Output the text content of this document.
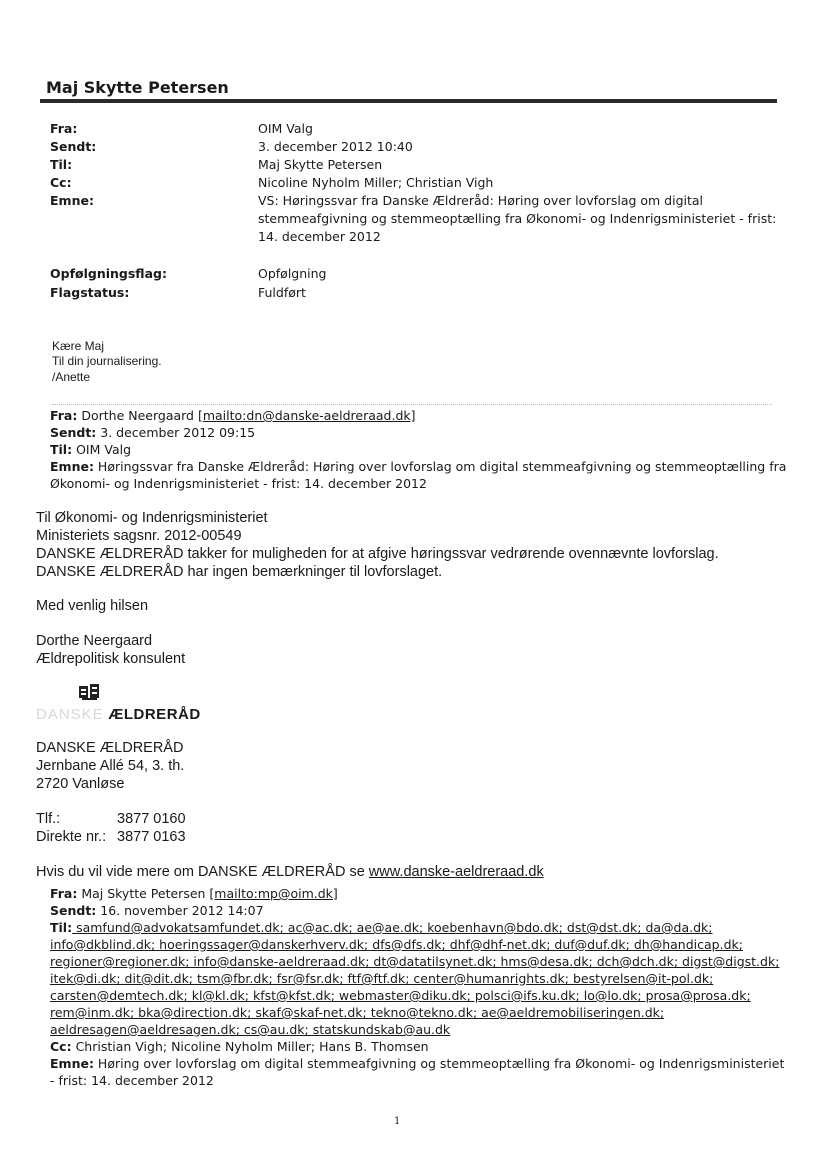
Maj Skytte Petersen
Fra:	OIM Valg
Sendt:	3. december 2012 10:40
Til:	Maj Skytte Petersen
Cc:	Nicoline Nyholm Miller; Christian Vigh
Emne:	VS: Høringssvar fra Danske Ældreråd: Høring over lovforslag om digital
stemmeafgivning og stemmeoptælling fra Økonomi- og Indenrigsministeriet - frist:
14. december 2012
Opfølgningsflag:	Opfølgning
Flagstatus:	Fuldført
Kære Maj
Til din journalisering.
/Anette
Fra: Dorthe Neergaard [mailto:dn@danske-aeldreraad.dk]
Sendt: 3. december 2012 09:15
Til: OIM Valg
Emne: Høringssvar fra Danske Ældreråd: Høring over lovforslag om digital stemmeafgivning og stemmeoptælling fra
Økonomi- og Indenrigsministeriet - frist: 14. december 2012
Til Økonomi- og Indenrigsministeriet
Ministeriets sagsnr. 2012-00549
DANSKE ÆLDRERÅD takker for muligheden for at afgive høringssvar vedrørende ovennævnte lovforslag.
DANSKE ÆLDRERÅD har ingen bemærkninger til lovforslaget.
Med venlig hilsen
Dorthe Neergaard
Ældrepolitisk konsulent
DANSKE ÆLDRERÅD
DANSKE ÆLDRERÅD
Jernbane Allé 54, 3. th.
2720 Vanløse
Tlf.:	3877 0160
Direkte nr.: 3877 0163
Hvis du vil vide mere om DANSKE ÆLDRERÅD se www.danske-aeldreraad.dk
Fra: Maj Skytte Petersen [mailto:mp@oim.dk]
Sendt: 16. november 2012 14:07
Til: samfund@advokatsamfundet.dk; ac@ac.dk; ae@ae.dk; koebenhavn@bdo.dk; dst@dst.dk; da@da.dk;
info@dkblind.dk; hoeringssager@danskerhverv.dk; dfs@dfs.dk; dhf@dhf-net.dk; duf@duf.dk; dh@handicap.dk;
regioner@regioner.dk; info@danske-aeldreraad.dk; dt@datatilsynet.dk; hms@desa.dk; dch@dch.dk; digst@digst.dk;
itek@di.dk; dit@dit.dk; tsm@fbr.dk; fsr@fsr.dk; ftf@ftf.dk; center@humanrights.dk; bestyrelsen@it-pol.dk;
carsten@demtech.dk; kl@kl.dk; kfst@kfst.dk; webmaster@diku.dk; polsci@ifs.ku.dk; lo@lo.dk; prosa@prosa.dk;
rem@inm.dk; bka@direction.dk; skaf@skaf-net.dk; tekno@tekno.dk; ae@aeldremobiliseringen.dk;
aeldresagen@aeldresagen.dk; cs@au.dk; statskundskab@au.dk
Cc: Christian Vigh; Nicoline Nyholm Miller; Hans B. Thomsen
Emne: Høring over lovforslag om digital stemmeafgivning og stemmeoptælling fra Økonomi- og Indenrigsministeriet
- frist: 14. december 2012
1
